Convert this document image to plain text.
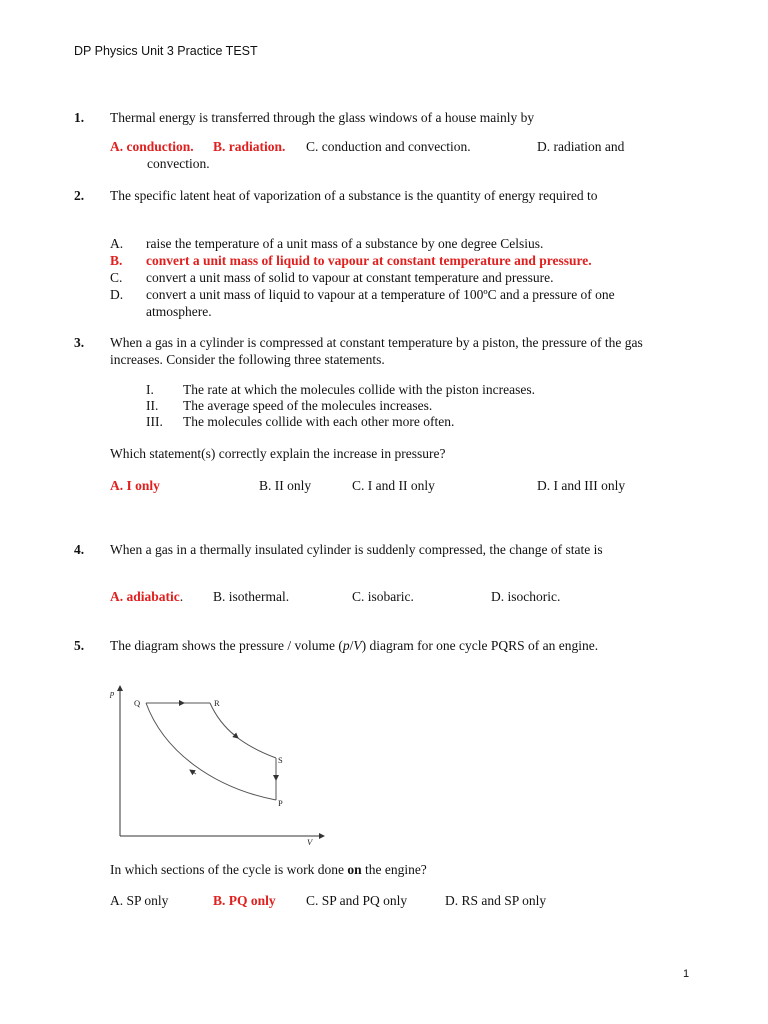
DP Physics Unit 3 Practice TEST
1. Thermal energy is transferred through the glass windows of a house mainly by
A. conduction. B. radiation. C. conduction and convection.	D. radiation and
convection.
2. The specific latent heat of vaporization of a substance is the quantity of energy required to
A. raise the temperature of a unit mass of a substance by one degree Celsius.
B. convert a unit mass of liquid to vapour at constant temperature and pressure.
C. convert a unit mass of solid to vapour at constant temperature and pressure.
D. convert a unit mass of liquid to vapour at a temperature of 100ºC and a pressure of one atmosphere.
3. When a gas in a cylinder is compressed at constant temperature by a piston, the pressure of the gas increases. Consider the following three statements.
I. The rate at which the molecules collide with the piston increases.
II. The average speed of the molecules increases.
III. The molecules collide with each other more often.
Which statement(s) correctly explain the increase in pressure?
A. I only	B. II only	C. I and II only	D. I and III only
4. When a gas in a thermally insulated cylinder is suddenly compressed, the change of state is
A. adiabatic. B. isothermal.	C. isobaric.	D. isochoric.
5. The diagram shows the pressure / volume (p/V) diagram for one cycle PQRS of an engine.
p
V
Q	R
S
P
In which sections of the cycle is work done on the engine?
A. SP only	B. PQ only C. SP and PQ only	D. RS and SP only
1
